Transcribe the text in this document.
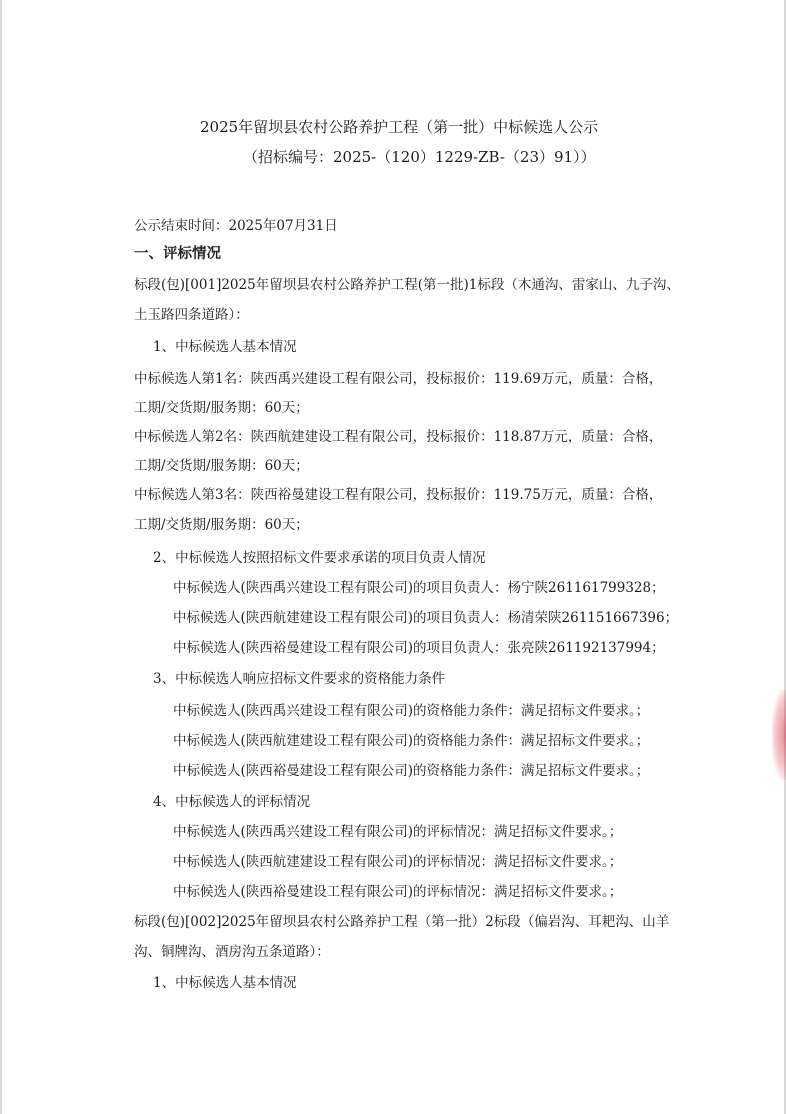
2025年留坝县农村公路养护工程（第一批）中标候选人公示
（招标编号：2025-（120）1229-ZB-（23）91））
公示结束时间：2025年07月31日
一、评标情况
标段(包)[001]2025年留坝县农村公路养护工程(第一批)1标段（木通沟、雷家山、九子沟、
土玉路四条道路）：
1、中标候选人基本情况
中标候选人第1名：陕西禹兴建设工程有限公司，投标报价：119.69万元，质量：合格，
工期/交货期/服务期：60天；
中标候选人第2名：陕西航建建设工程有限公司，投标报价：118.87万元，质量：合格，
工期/交货期/服务期：60天；
中标候选人第3名：陕西裕曼建设工程有限公司，投标报价：119.75万元，质量：合格，
工期/交货期/服务期：60天；
2、中标候选人按照招标文件要求承诺的项目负责人情况
中标候选人(陕西禹兴建设工程有限公司)的项目负责人：杨宁陕261161799328；
中标候选人(陕西航建建设工程有限公司)的项目负责人：杨清荣陕261151667396；
中标候选人(陕西裕曼建设工程有限公司)的项目负责人：张亮陕261192137994；
3、中标候选人响应招标文件要求的资格能力条件
中标候选人(陕西禹兴建设工程有限公司)的资格能力条件：满足招标文件要求。；
中标候选人(陕西航建建设工程有限公司)的资格能力条件：满足招标文件要求。；
中标候选人(陕西裕曼建设工程有限公司)的资格能力条件：满足招标文件要求。；
4、中标候选人的评标情况
中标候选人(陕西禹兴建设工程有限公司)的评标情况：满足招标文件要求。；
中标候选人(陕西航建建设工程有限公司)的评标情况：满足招标文件要求。；
中标候选人(陕西裕曼建设工程有限公司)的评标情况：满足招标文件要求。；
标段(包)[002]2025年留坝县农村公路养护工程（第一批）2标段（偏岩沟、耳耙沟、山羊
沟、铜牌沟、酒房沟五条道路）：
1、中标候选人基本情况
